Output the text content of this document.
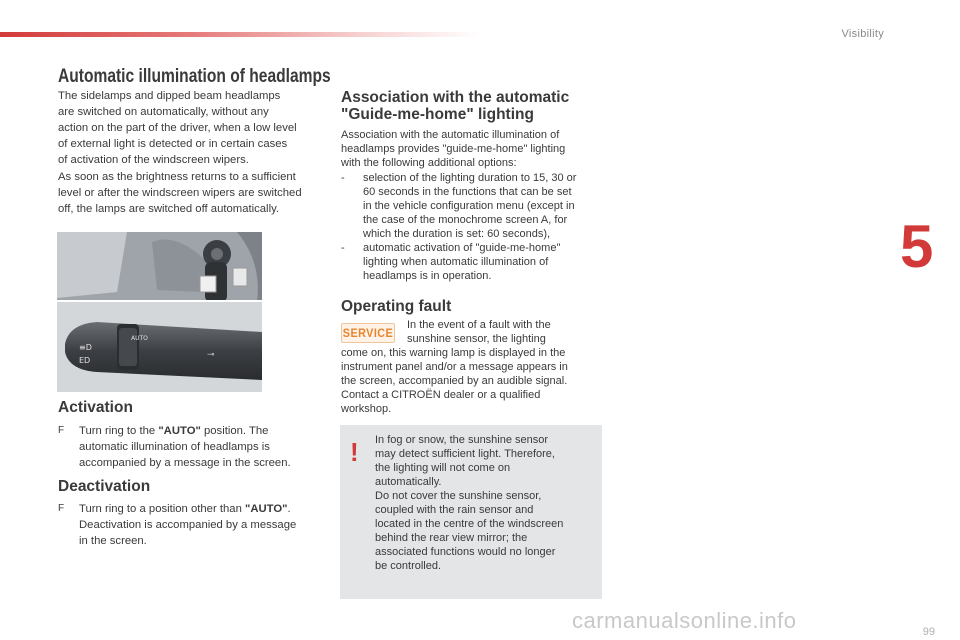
Visibility
5
Automatic illumination of headlamps
The sidelamps and dipped beam headlamps
are switched on automatically, without any
action on the part of the driver, when a low level
of external light is detected or in certain cases
of activation of the windscreen wipers.
As soon as the brightness returns to a sufficient
level or after the windscreen wipers are switched
off, the lamps are switched off automatically.
≡D
ED
AUTO
⊸
Activation
F	Turn ring to the "AUTO" position. The
automatic illumination of headlamps is
accompanied by a message in the screen.
Deactivation
F	Turn ring to a position other than "AUTO".
Deactivation is accompanied by a message
in the screen.
Association with the automatic
"Guide-me-home" lighting
Association with the automatic illumination of
headlamps provides "guide-me-home" lighting
with the following additional options:
- selection of the lighting duration to 15, 30 or
60 seconds in the functions that can be set
in the vehicle configuration menu (except in
the case of the monochrome screen A, for
which the duration is set: 60 seconds),
- automatic activation of "guide-me-home"
lighting when automatic illumination of
headlamps is in operation.
Operating fault
SERVICE
In the event of a fault with the
sunshine sensor, the lighting
come on, this warning lamp is displayed in the
instrument panel and/or a message appears in
the screen, accompanied by an audible signal.
Contact a CITROËN dealer or a qualified
workshop.
! In fog or snow, the sunshine sensor
may detect sufficient light. Therefore,
the lighting will not come on
automatically.
Do not cover the sunshine sensor,
coupled with the rain sensor and
located in the centre of the windscreen
behind the rear view mirror; the
associated functions would no longer
be controlled.
carmanualsonline.info	99
